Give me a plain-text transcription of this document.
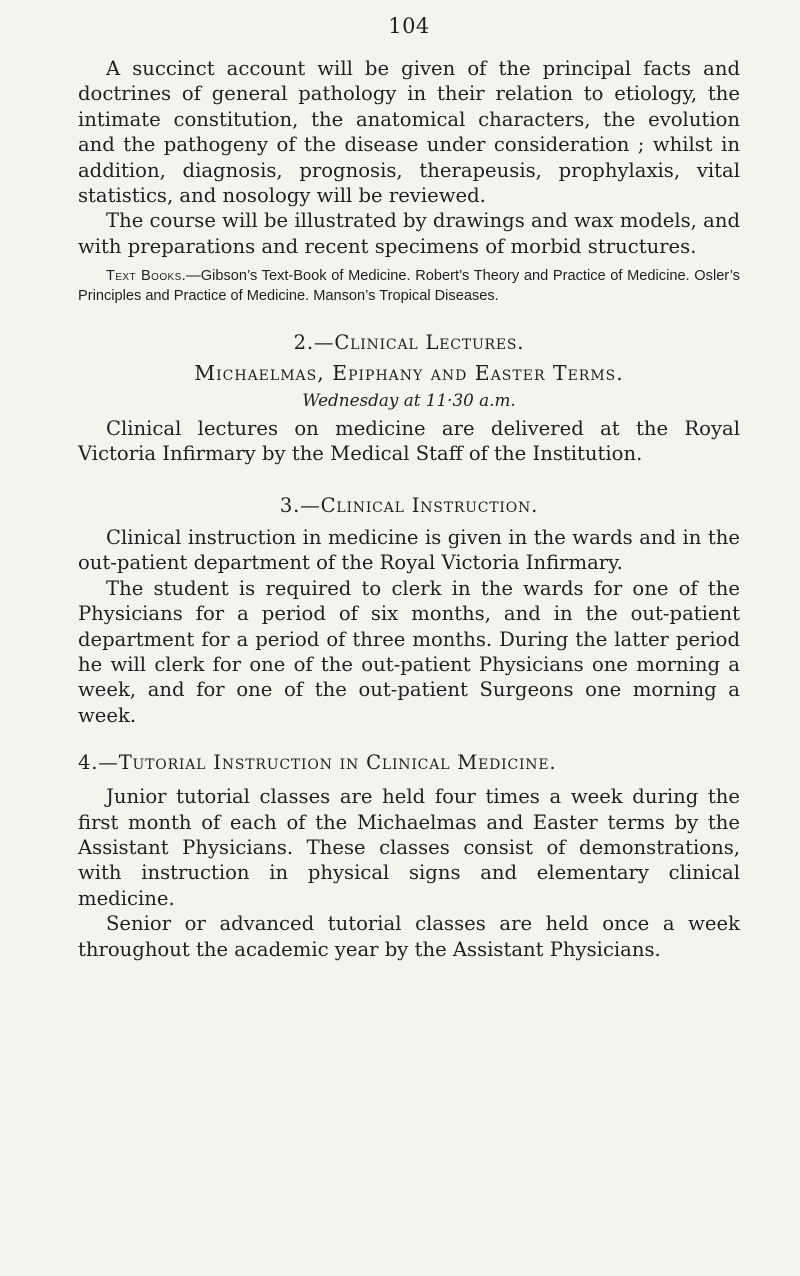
104

A succinct account will be given of the principal facts and doctrines of general pathology in their relation to etiology, the intimate constitution, the anatomical characters, the evolution and the pathogeny of the disease under consideration ; whilst in addition, diagnosis, prognosis, therapeusis, prophylaxis, vital statistics, and nosology will be reviewed.

The course will be illustrated by drawings and wax models, and with preparations and recent specimens of morbid structures.

Text Books.—Gibson’s Text-Book of Medicine. Robert’s Theory and Practice of Medicine. Osler’s Principles and Practice of Medicine. Manson’s Tropical Diseases.

2.—Clinical Lectures.
Michaelmas, Epiphany and Easter Terms.
Wednesday at 11·30 a.m.

Clinical lectures on medicine are delivered at the Royal Victoria Infirmary by the Medical Staff of the Institution.

3.—Clinical Instruction.

Clinical instruction in medicine is given in the wards and in the out-patient department of the Royal Victoria Infirmary.

The student is required to clerk in the wards for one of the Physicians for a period of six months, and in the out-patient department for a period of three months. During the latter period he will clerk for one of the out-patient Physicians one morning a week, and for one of the out-patient Surgeons one morning a week.

4.—Tutorial Instruction in Clinical Medicine.

Junior tutorial classes are held four times a week during the first month of each of the Michaelmas and Easter terms by the Assistant Physicians. These classes consist of demonstrations, with instruction in physical signs and elementary clinical medicine.

Senior or advanced tutorial classes are held once a week throughout the academic year by the Assistant Physicians.
